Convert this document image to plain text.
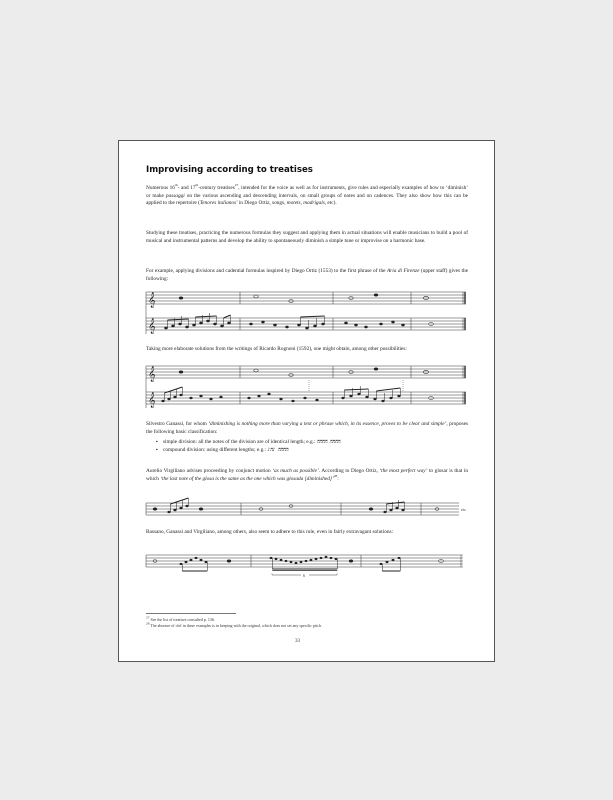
Improvising according to treatises

Numerous 16th- and 17th-century treatises$^{27}$, intended for the voice as well as for instruments, give rules and especially examples of how to ‘diminish’ or make passaggi on the various ascending and descending intervals, on small groups of notes and on cadences. They also show how this can be applied to the repertoire (Tenores italianos’ in Diego Ortiz, songs, motets, madrigals, etc).

Studying these treatises, practicing the numerous formulas they suggest and applying them in actual situations will enable musicians to build a pool of musical and instrumental patterns and develop the ability to spontaneously diminish a simple tune or improvise on a harmonic base.

For example, applying divisions and cadential formulas inspired by Diego Ortiz (1553) to the first phrase of the Aria di Firenze (upper staff) gives the following:

𝄞
𝄞

Taking more elaborate solutions from the writings of Ricardo Rognoni (1592), one might obtain, among other possibilities:

𝄞
𝄞

Silvestro Ganassi, for whom ‘diminishing is nothing more than varying a text or phrase which, in its essence, proves to be clear and simple’, proposes the following basic classification:

▪ simple division: all the notes of the division are of identical length; e.g.: ♬♬♬♬ ♬♬♬♬
▪ compound division: using different lengths; e.g.: ♪♬♪ ♬♬♬♬

Aurelio Virgiliano advises proceeding by conjunct motion ‘as much as possible’. According to Diego Ortiz, ‘the most perfect way’ to glosar is that in which ‘the last note of the glosa is the same as the one which was glosada [diminished]’$^{28}$:

etc.

Bassano, Ganassi and Virgiliano, among others, also seem to adhere to this rule, even in fairly extravagant solutions:

6

$^{27}$ See the list of treatises consulted p. 136.

$^{28}$ The absence of clef in these examples is in keeping with the original, which does not set any specific pitch.

33
